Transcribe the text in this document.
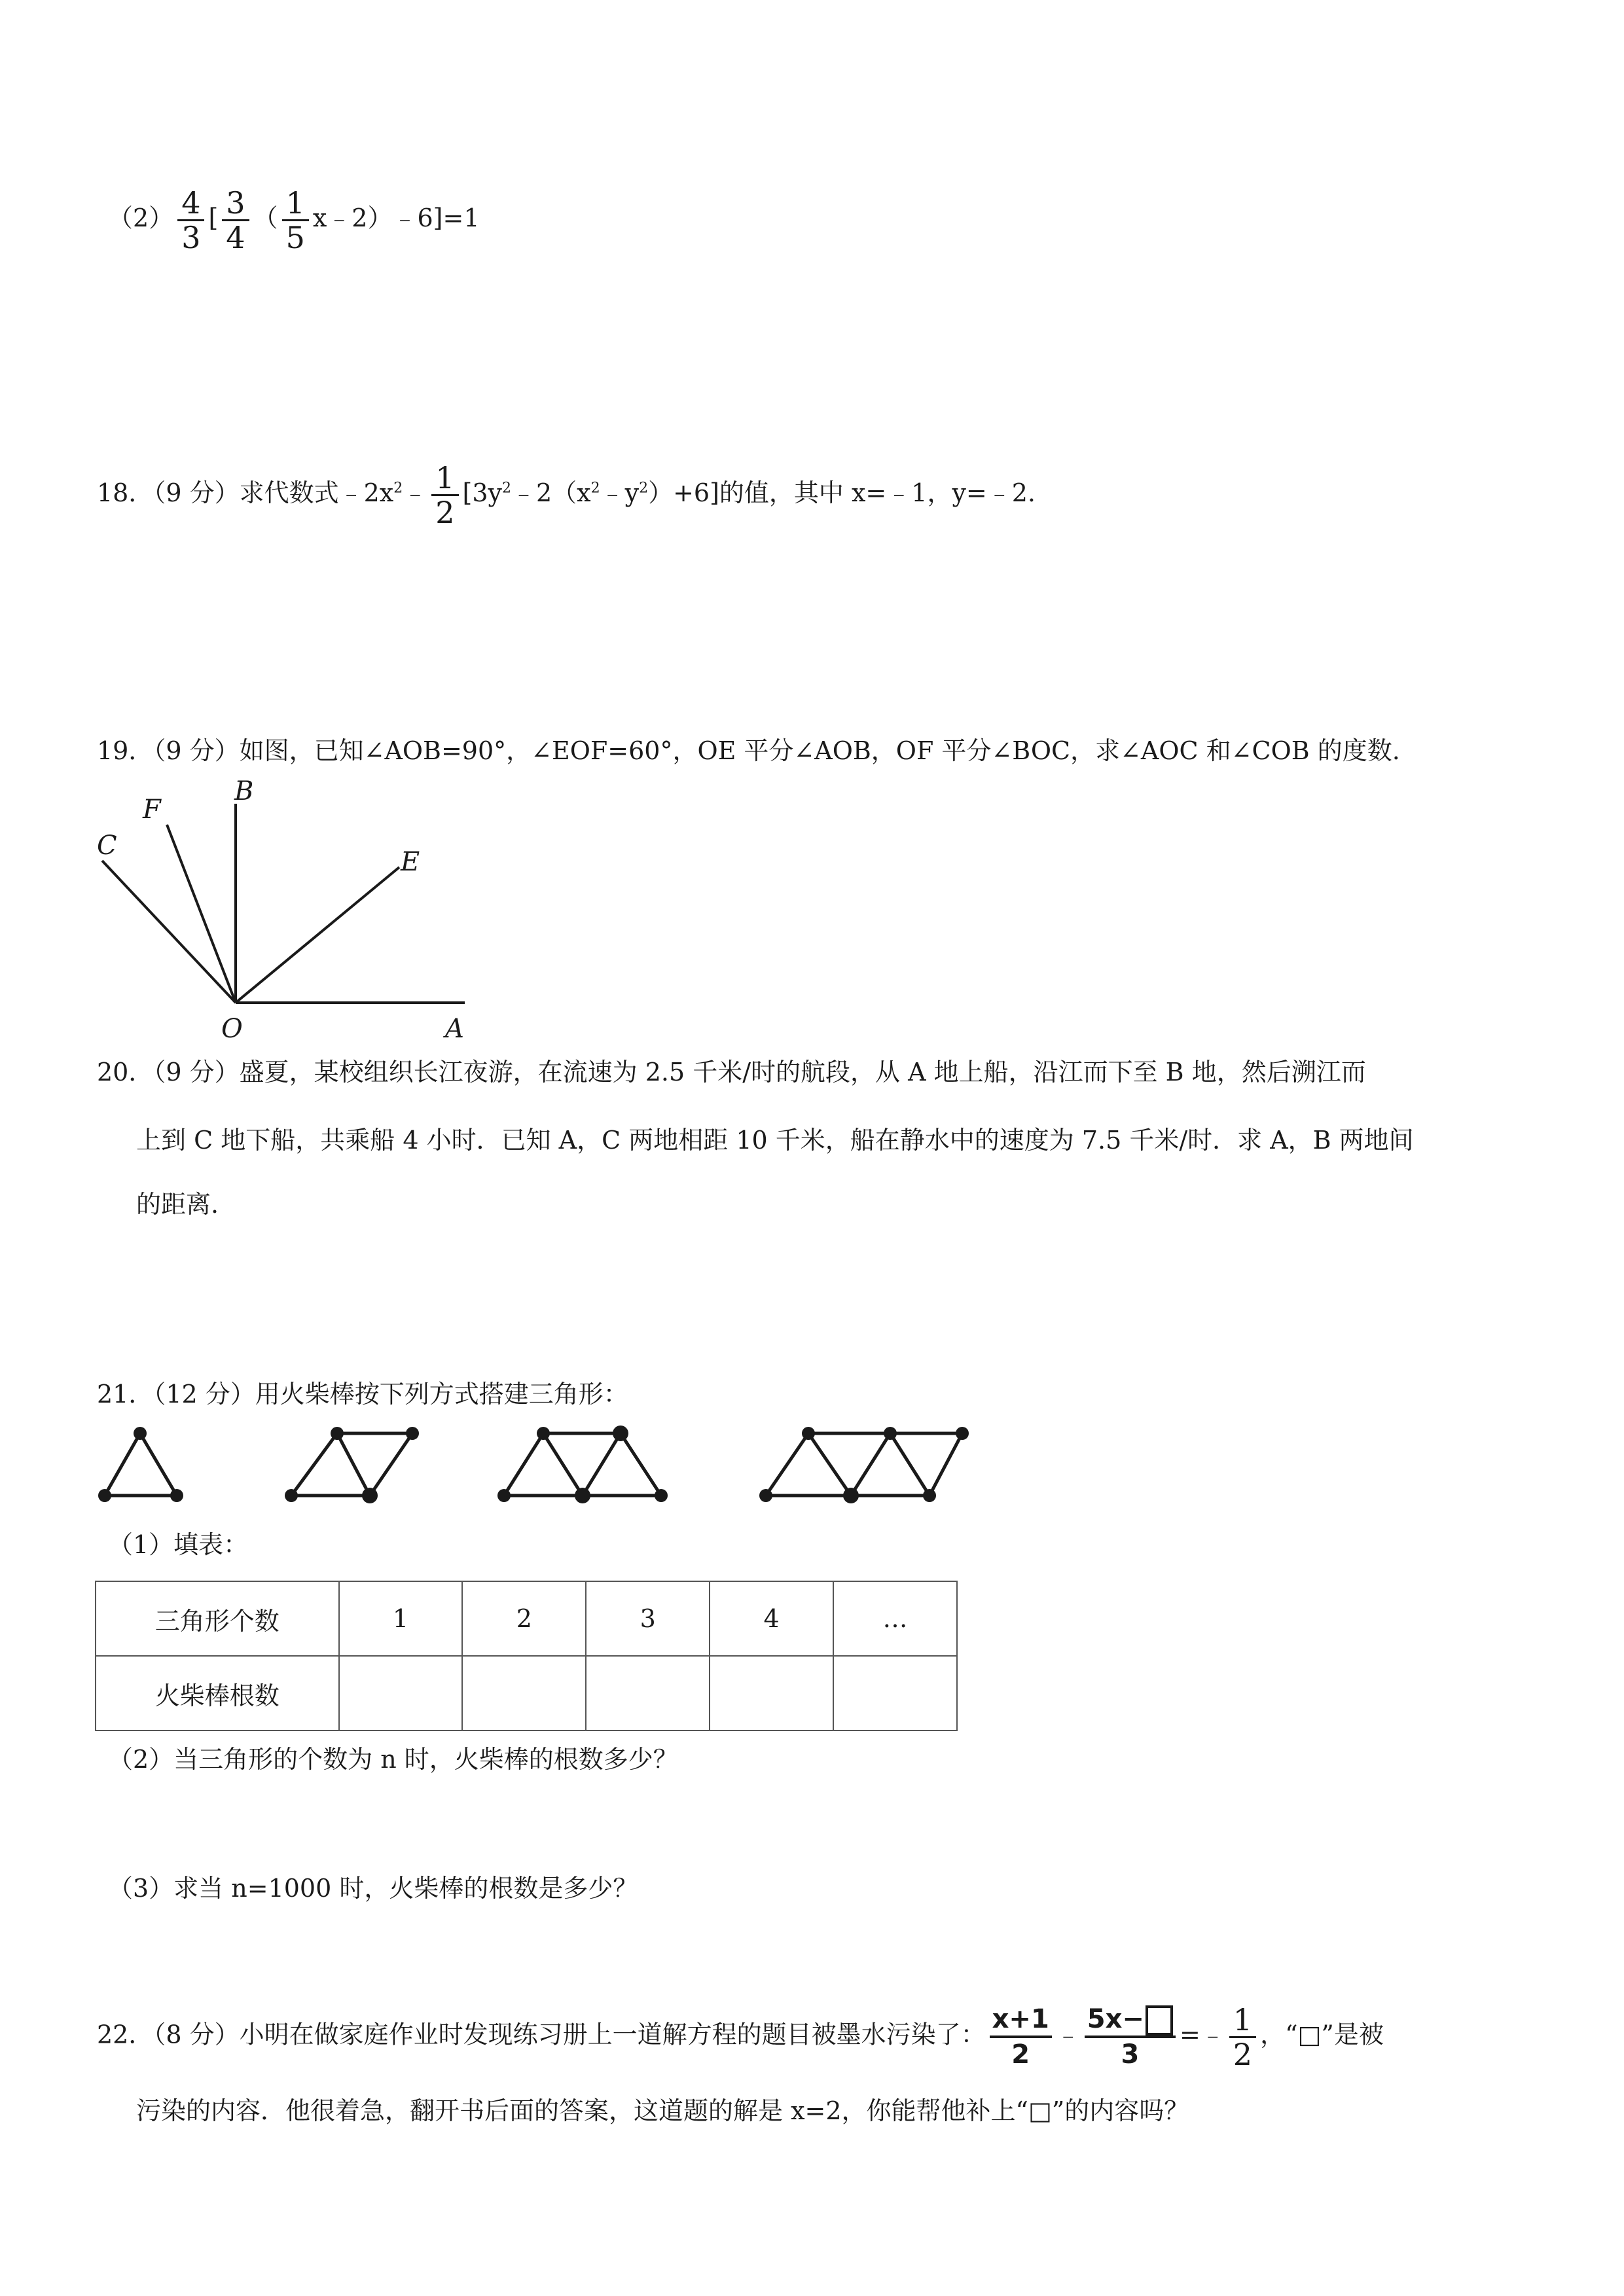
$(2) \frac{4}{3}$ [ $\frac{3}{4}$ （ $\frac{1}{5}$ x﹣2）﹣6]=1
18．（9 分）求代数式$﹣2x^2﹣ \frac{1}{2}$ $[3y^2﹣2(x^2﹣y^2)+6]$的值，其中 x=﹣1，y=﹣2.
19．（9 分）如图，已知∠AOB=90°，∠EOF=60°，OE 平分∠AOB，OF 平分∠BOC，求∠AOC 和∠COB 的度数.
C
F
B
E
O	A
20．（9 分）盛夏，某校组织长江夜游，在流速为 2.5 千米/时的航段，从 A 地上船，沿江而下至 B 地，然后溯江而
上到 C 地下船，共乘船 4 小时．已知 A，C 两地相距 10 千米，船在静水中的速度为 7.5 千米/时．求 A，B 两地间
的距离.
21．（12 分）用火柴棒按下列方式搭建三角形：
（1）填表：
三角形个数	1	2	3	4	…
火柴棒根数					
（2）当三角形的个数为 n 时，火柴棒的根数多少？
（3）求当 n=1000 时，火柴棒的根数是多少？
22．（8 分）小明在做家庭作业时发现练习册上一道解方程的题目被墨水污染了： $\frac{x+1}{2}$ ﹣ $\frac{5x-}{3}$ =﹣ $\frac{1}{2}$ ，“□”是被
污染的内容．他很着急，翻开书后面的答案，这道题的解是 x=2，你能帮他补上“□”的内容吗？
